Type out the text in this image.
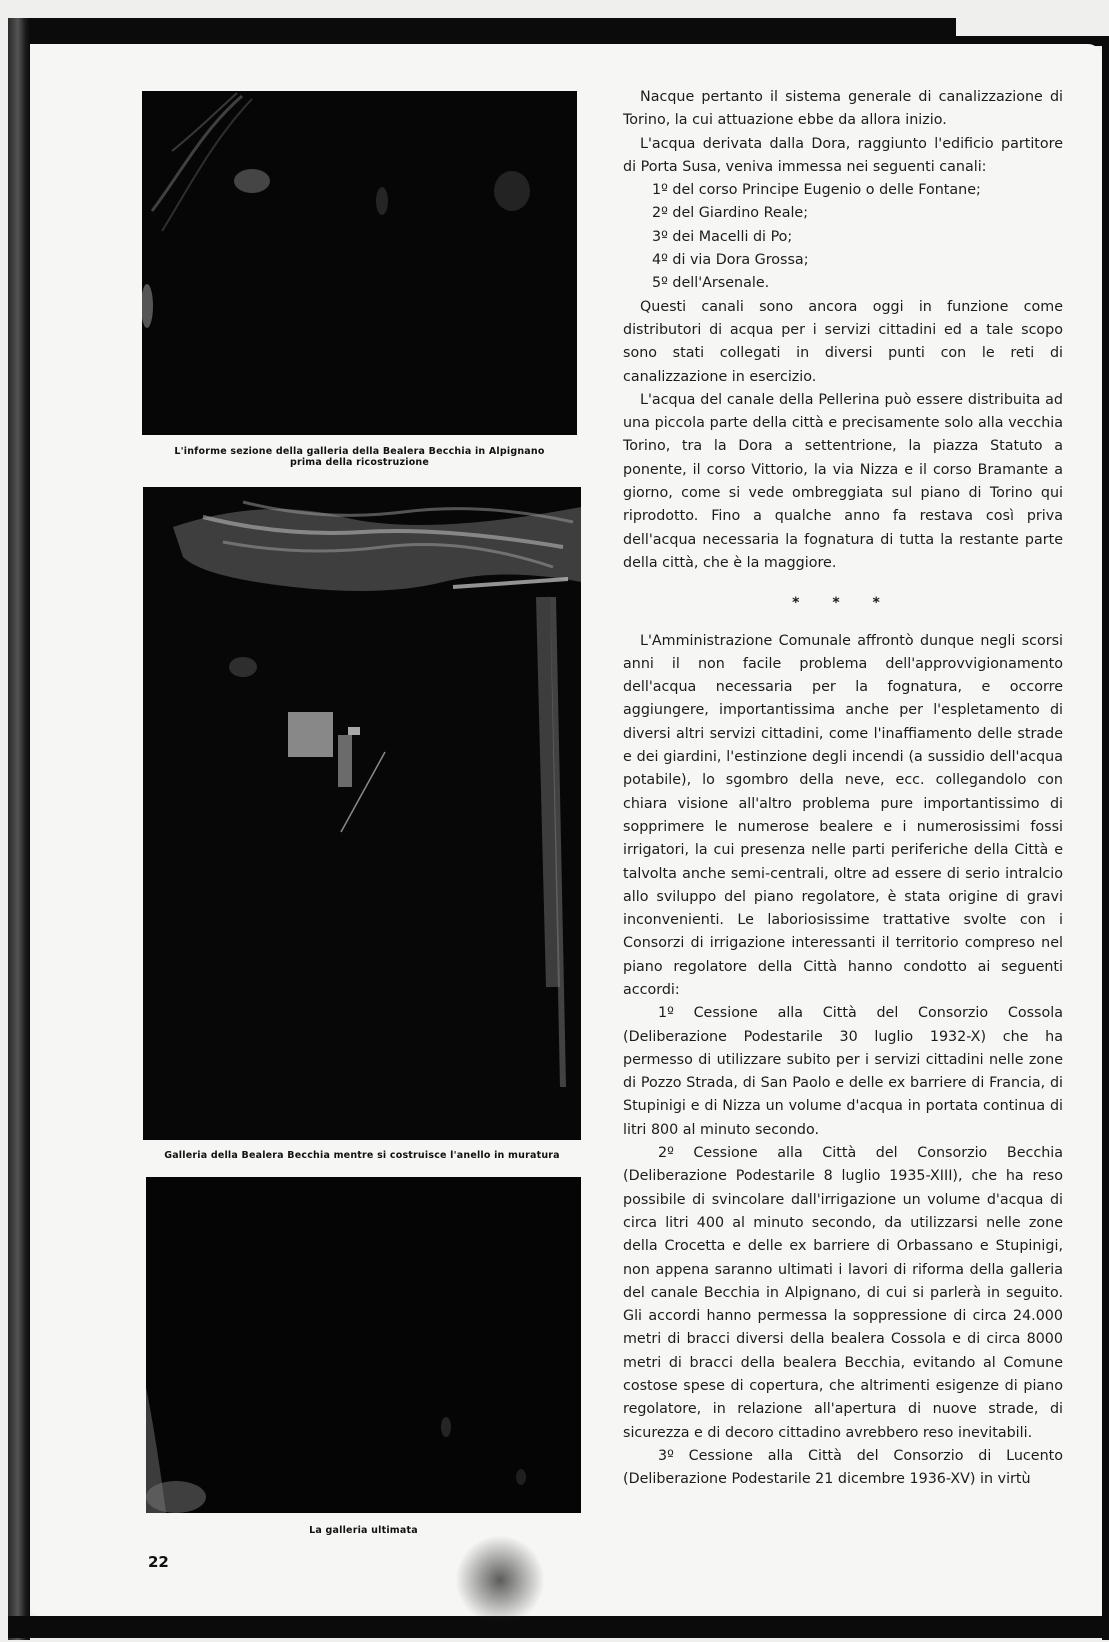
L'informe sezione della galleria della Bealera Becchia in Alpignano
prima della ricostruzione
Galleria della Bealera Becchia mentre si costruisce l'anello in muratura
La galleria ultimata
22

Nacque pertanto il sistema generale di canalizzazione di Torino, la cui attuazione ebbe da allora inizio.

L'acqua derivata dalla Dora, raggiunto l'edificio partitore di Porta Susa, veniva immessa nei seguenti canali:

1º del corso Principe Eugenio o delle Fontane;

2º del Giardino Reale;

3º dei Macelli di Po;

4º di via Dora Grossa;

5º dell'Arsenale.

Questi canali sono ancora oggi in funzione come distributori di acqua per i servizi cittadini ed a tale scopo sono stati collegati in diversi punti con le reti di canalizzazione in esercizio.

L'acqua del canale della Pellerina può essere distribuita ad una piccola parte della città e precisamente solo alla vecchia Torino, tra la Dora a settentrione, la piazza Statuto a ponente, il corso Vittorio, la via Nizza e il corso Bramante a giorno, come si vede ombreggiata sul piano di Torino qui riprodotto. Fino a qualche anno fa restava così priva dell'acqua necessaria la fognatura di tutta la restante parte della città, che è la maggiore.

* * *

L'Amministrazione Comunale affrontò dunque negli scorsi anni il non facile problema dell'approvvigionamento dell'acqua necessaria per la fognatura, e occorre aggiungere, importantissima anche per l'espletamento di diversi altri servizi cittadini, come l'inaffiamento delle strade e dei giardini, l'estinzione degli incendi (a sussidio dell'acqua potabile), lo sgombro della neve, ecc. collegandolo con chiara visione all'altro problema pure importantissimo di sopprimere le numerose bealere e i numerosissimi fossi irrigatori, la cui presenza nelle parti periferiche della Città e talvolta anche semi-centrali, oltre ad essere di serio intralcio allo sviluppo del piano regolatore, è stata origine di gravi inconvenienti. Le laboriosissime trattative svolte con i Consorzi di irrigazione interessanti il territorio compreso nel piano regolatore della Città hanno condotto ai seguenti accordi:

1º Cessione alla Città del Consorzio Cossola (Deliberazione Podestarile 30 luglio 1932-X) che ha permesso di utilizzare subito per i servizi cittadini nelle zone di Pozzo Strada, di San Paolo e delle ex barriere di Francia, di Stupinigi e di Nizza un volume d'acqua in portata continua di litri 800 al minuto secondo.

2º Cessione alla Città del Consorzio Becchia (Deliberazione Podestarile 8 luglio 1935-XIII), che ha reso possibile di svincolare dall'irrigazione un volume d'acqua di circa litri 400 al minuto secondo, da utilizzarsi nelle zone della Crocetta e delle ex barriere di Orbassano e Stupinigi, non appena saranno ultimati i lavori di riforma della galleria del canale Becchia in Alpignano, di cui si parlerà in seguito. Gli accordi hanno permessa la soppressione di circa 24.000 metri di bracci diversi della bealera Cossola e di circa 8000 metri di bracci della bealera Becchia, evitando al Comune costose spese di copertura, che altrimenti esigenze di piano regolatore, in relazione all'apertura di nuove strade, di sicurezza e di decoro cittadino avrebbero reso inevitabili.

3º Cessione alla Città del Consorzio di Lucento (Deliberazione Podestarile 21 dicembre 1936-XV) in virtù
